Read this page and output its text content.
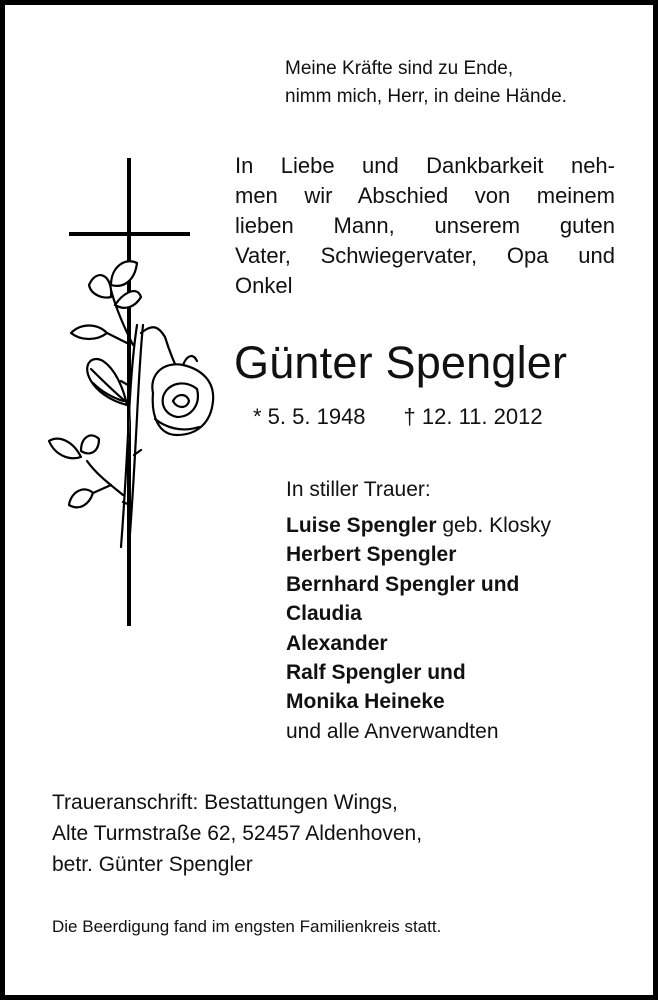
Meine Kräfte sind zu Ende,
nimm mich, Herr, in deine Hände.
In Liebe und Dankbarkeit neh-
men wir Abschied von meinem
lieben Mann, unserem guten
Vater, Schwiegervater, Opa und
Onkel
Günter Spengler
* 5. 5. 1948 † 12. 11. 2012
In stiller Trauer:
Luise Spengler geb. Klosky
Herbert Spengler
Bernhard Spengler und
Claudia
Alexander
Ralf Spengler und
Monika Heineke
und alle Anverwandten
Traueranschrift: Bestattungen Wings,
Alte Turmstraße 62, 52457 Aldenhoven,
betr. Günter Spengler
Die Beerdigung fand im engsten Familienkreis statt.
